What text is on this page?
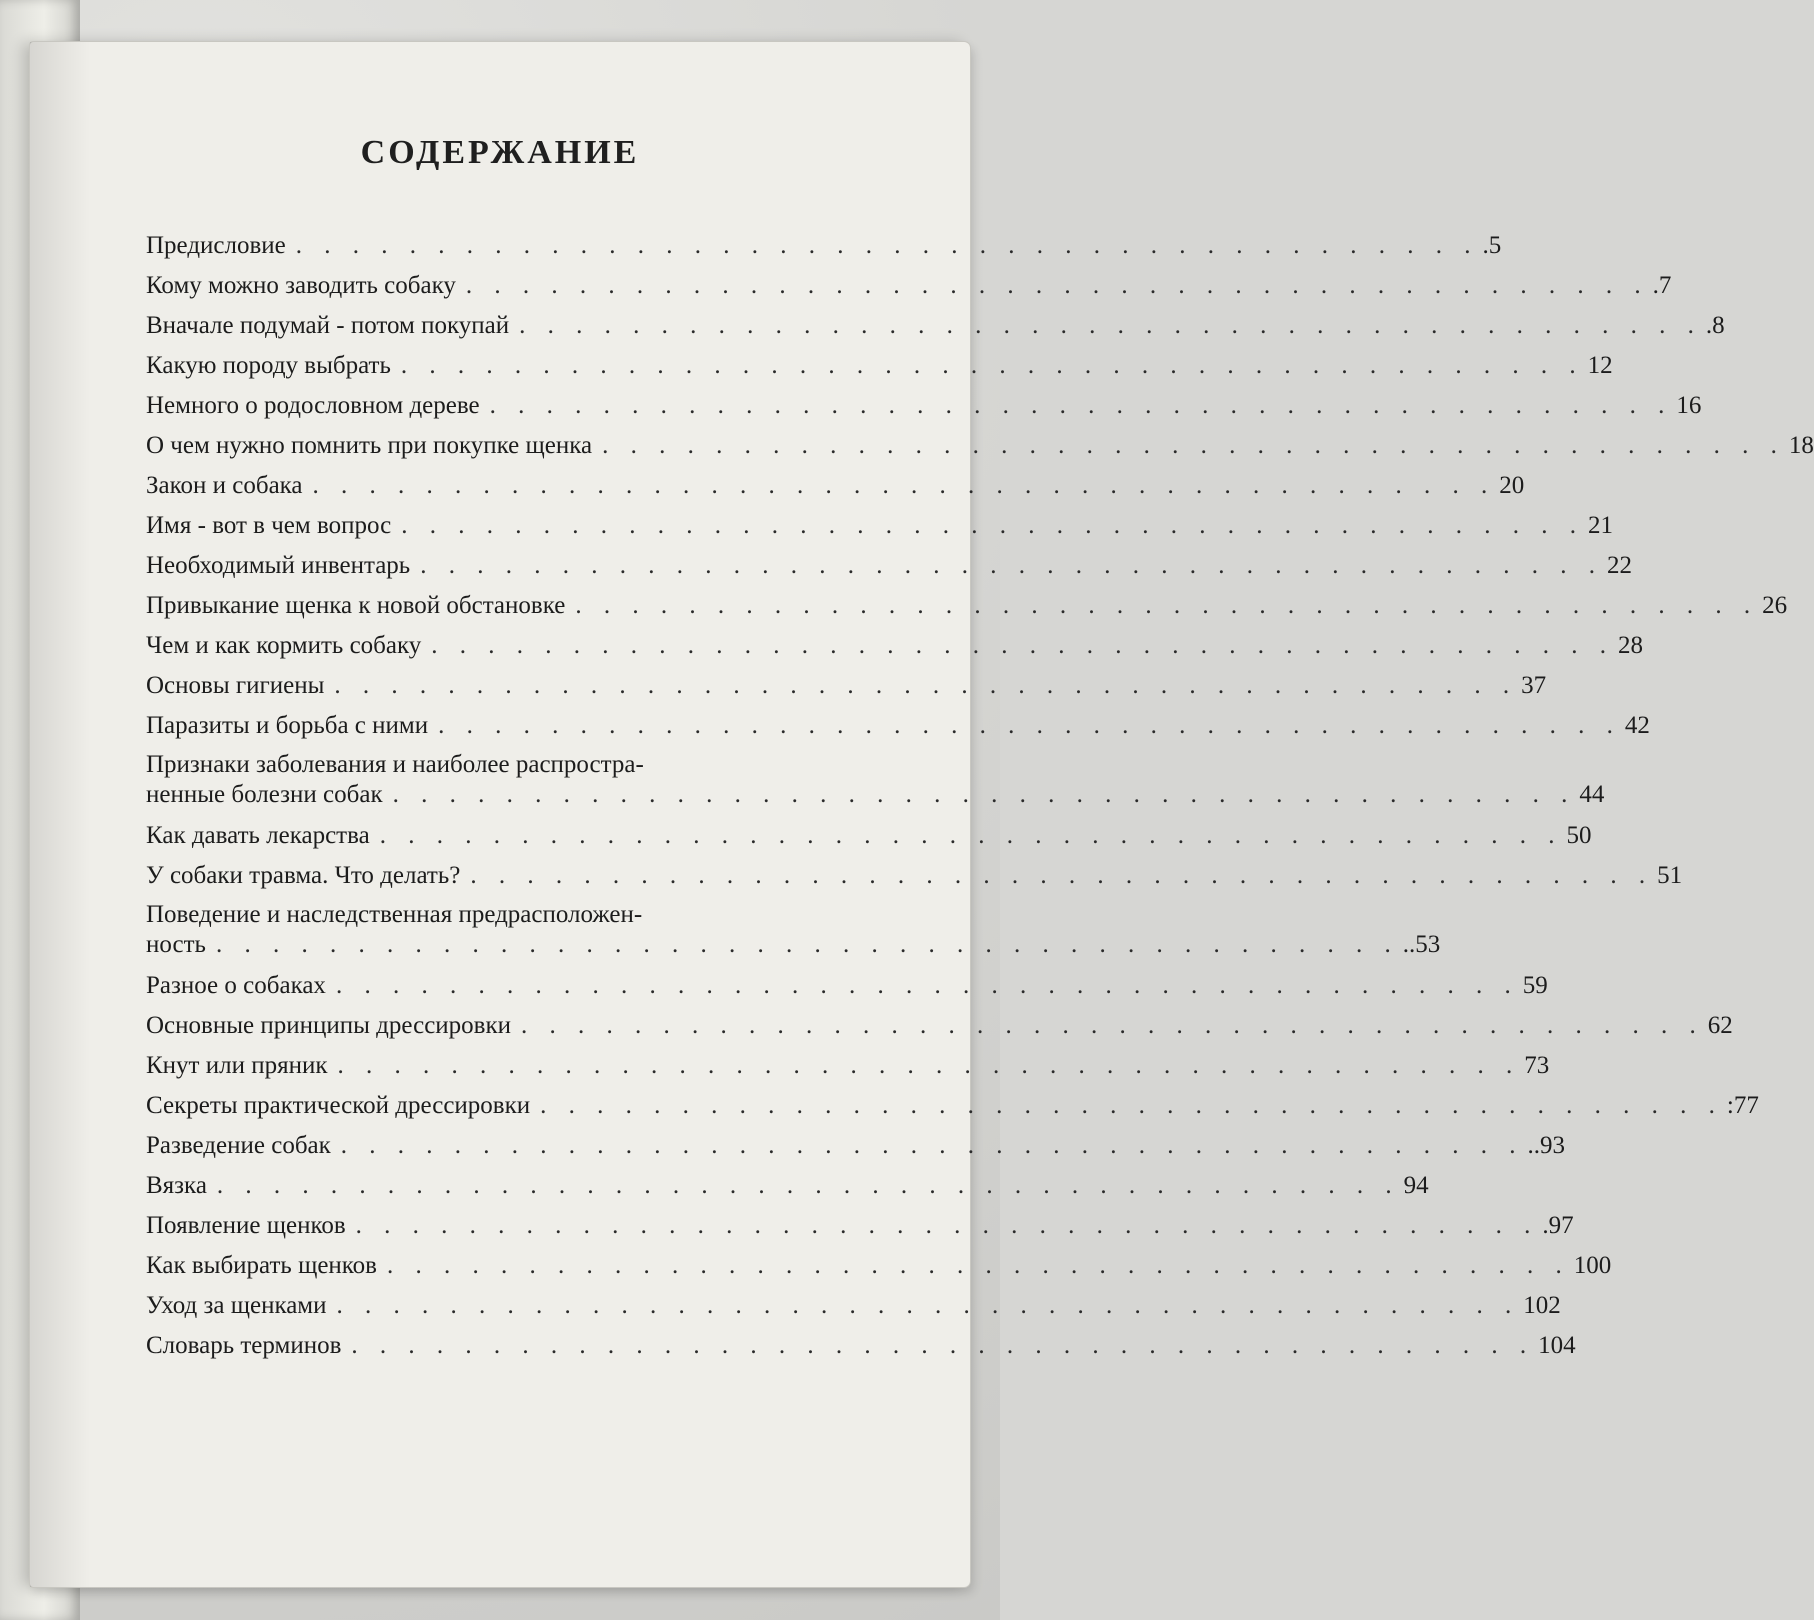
СОДЕРЖАНИЕ
Предисловие . . . . . . . . . . . . . . . . . . . . . . . . . . . . . . . . . . . . . . . . . . .5
Кому можно заводить собаку . . . . . . . . . . . . . . . . . . . . . . . . . . . . . . . . . . . . . . . . . . .7
Вначале подумай - потом покупай . . . . . . . . . . . . . . . . . . . . . . . . . . . . . . . . . . . . . . . . . . .8
Какую породу выбрать . . . . . . . . . . . . . . . . . . . . . . . . . . . . . . . . . . . . . . . . . . 12
Немного о родословном дереве . . . . . . . . . . . . . . . . . . . . . . . . . . . . . . . . . . . . . . . . . . 16
О чем нужно помнить при покупке щенка . . . . . . . . . . . . . . . . . . . . . . . . . . . . . . . . . . . . . . . . . . 18
Закон и собака . . . . . . . . . . . . . . . . . . . . . . . . . . . . . . . . . . . . . . . . . . 20
Имя - вот в чем вопрос . . . . . . . . . . . . . . . . . . . . . . . . . . . . . . . . . . . . . . . . . . 21
Необходимый инвентарь . . . . . . . . . . . . . . . . . . . . . . . . . . . . . . . . . . . . . . . . . . 22
Привыкание щенка к новой обстановке . . . . . . . . . . . . . . . . . . . . . . . . . . . . . . . . . . . . . . . . . . 26
Чем и как кормить собаку . . . . . . . . . . . . . . . . . . . . . . . . . . . . . . . . . . . . . . . . . . 28
Основы гигиены . . . . . . . . . . . . . . . . . . . . . . . . . . . . . . . . . . . . . . . . . . 37
Паразиты и борьба с ними . . . . . . . . . . . . . . . . . . . . . . . . . . . . . . . . . . . . . . . . . . 42
Признаки заболевания и наиболее распростра-
ненные болезни собак . . . . . . . . . . . . . . . . . . . . . . . . . . . . . . . . . . . . . . . . . . 44
Как давать лекарства . . . . . . . . . . . . . . . . . . . . . . . . . . . . . . . . . . . . . . . . . . 50
У собаки травма. Что делать? . . . . . . . . . . . . . . . . . . . . . . . . . . . . . . . . . . . . . . . . . . 51
Поведение и наследственная предрасположен-
ность . . . . . . . . . . . . . . . . . . . . . . . . . . . . . . . . . . . . . . . . . . ..53
Разное о собаках . . . . . . . . . . . . . . . . . . . . . . . . . . . . . . . . . . . . . . . . . . 59
Основные принципы дрессировки . . . . . . . . . . . . . . . . . . . . . . . . . . . . . . . . . . . . . . . . . . 62
Кнут или пряник . . . . . . . . . . . . . . . . . . . . . . . . . . . . . . . . . . . . . . . . . . 73
Секреты практической дрессировки . . . . . . . . . . . . . . . . . . . . . . . . . . . . . . . . . . . . . . . . . . :77
Разведение собак . . . . . . . . . . . . . . . . . . . . . . . . . . . . . . . . . . . . . . . . . . ..93
Вязка . . . . . . . . . . . . . . . . . . . . . . . . . . . . . . . . . . . . . . . . . . 94
Появление щенков . . . . . . . . . . . . . . . . . . . . . . . . . . . . . . . . . . . . . . . . . . .97
Как выбирать щенков . . . . . . . . . . . . . . . . . . . . . . . . . . . . . . . . . . . . . . . . . . 100
Уход за щенками . . . . . . . . . . . . . . . . . . . . . . . . . . . . . . . . . . . . . . . . . . 102
Словарь терминов . . . . . . . . . . . . . . . . . . . . . . . . . . . . . . . . . . . . . . . . . . 104
